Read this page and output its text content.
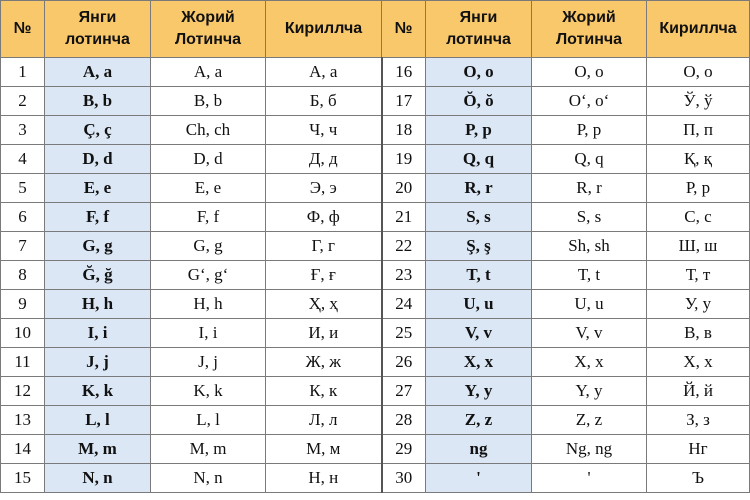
№	Янги лотинча	Жорий Лотинча	Кириллча	№	Янги лотинча	Жорий Лотинча	Кириллча
1	A, a	A, a	А, а	16	O, o	O, o	О, о
2	B, b	B, b	Б, б	17	Ŏ, ŏ	O‘, o‘	Ў, ў
3	Ç, ç	Ch, ch	Ч, ч	18	P, p	P, p	П, п
4	D, d	D, d	Д, д	19	Q, q	Q, q	Қ, қ
5	E, e	E, e	Э, э	20	R, r	R, r	Р, р
6	F, f	F, f	Ф, ф	21	S, s	S, s	С, с
7	G, g	G, g	Г, г	22	Ş, ş	Sh, sh	Ш, ш
8	Ğ, ğ	G‘, g‘	Ғ, ғ	23	T, t	T, t	Т, т
9	H, h	H, h	Ҳ, ҳ	24	U, u	U, u	У, у
10	I, i	I, i	И, и	25	V, v	V, v	В, в
11	J, j	J, j	Ж, ж	26	X, x	X, x	Х, х
12	K, k	K, k	К, к	27	Y, y	Y, y	Й, й
13	L, l	L, l	Л, л	28	Z, z	Z, z	З, з
14	M, m	M, m	М, м	29	ng	Ng, ng	Нг
15	N, n	N, n	Н, н	30	'	'	Ъ
